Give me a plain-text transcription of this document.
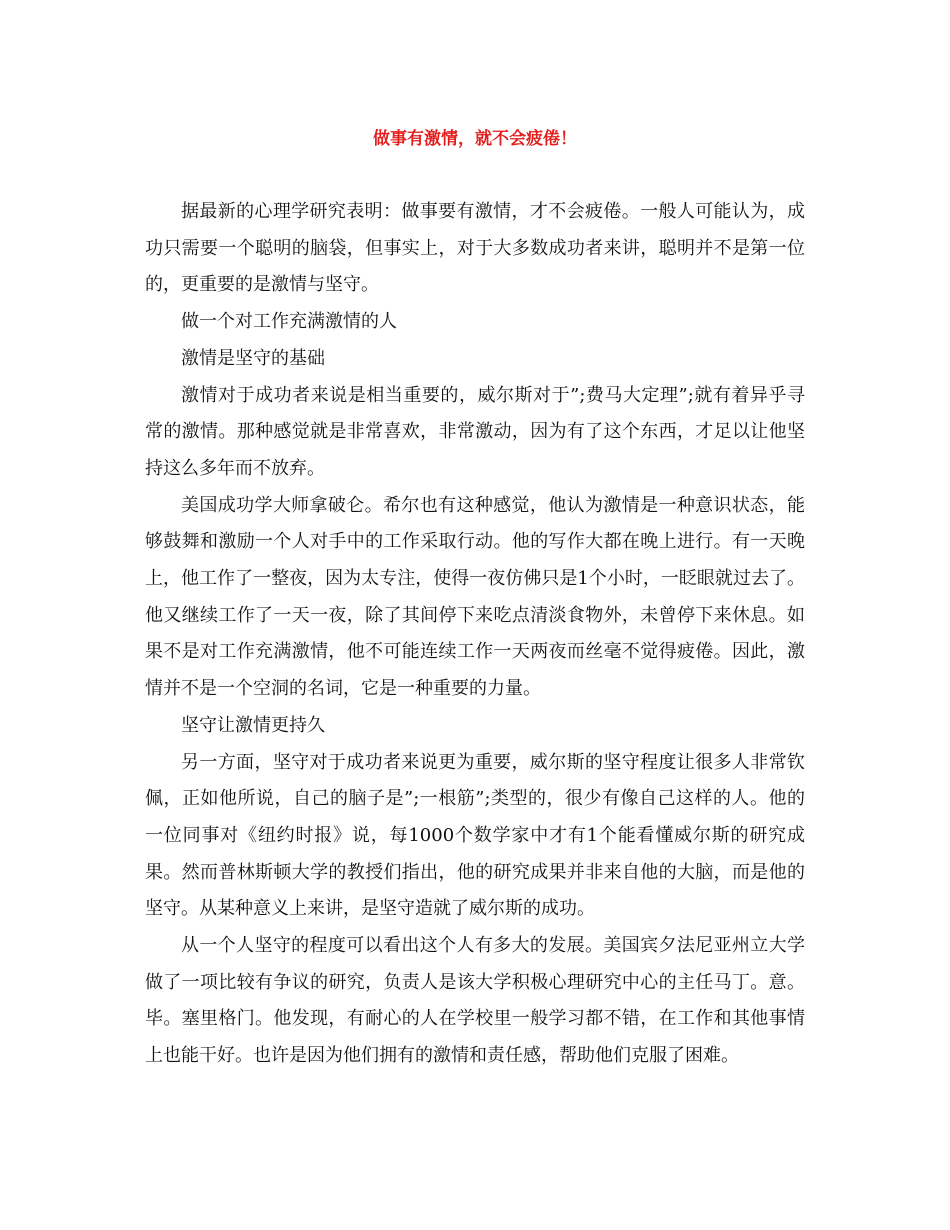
做事有激情，就不会疲倦！

据最新的心理学研究表明：做事要有激情，才不会疲倦。一般人可能认为，成功只需要一个聪明的脑袋，但事实上，对于大多数成功者来讲，聪明并不是第一位的，更重要的是激情与坚守。

做一个对工作充满激情的人

激情是坚守的基础

激情对于成功者来说是相当重要的，威尔斯对于”;费马大定理”;就有着异乎寻常的激情。那种感觉就是非常喜欢，非常激动，因为有了这个东西，才足以让他坚持这么多年而不放弃。

美国成功学大师拿破仑。希尔也有这种感觉，他认为激情是一种意识状态，能够鼓舞和激励一个人对手中的工作采取行动。他的写作大都在晚上进行。有一天晚上，他工作了一整夜，因为太专注，使得一夜仿佛只是1个小时，一眨眼就过去了。他又继续工作了一天一夜，除了其间停下来吃点清淡食物外，未曾停下来休息。如果不是对工作充满激情，他不可能连续工作一天两夜而丝毫不觉得疲倦。因此，激情并不是一个空洞的名词，它是一种重要的力量。

坚守让激情更持久

另一方面，坚守对于成功者来说更为重要，威尔斯的坚守程度让很多人非常钦佩，正如他所说，自己的脑子是”;一根筋”;类型的，很少有像自己这样的人。他的一位同事对《纽约时报》说，每1000个数学家中才有1个能看懂威尔斯的研究成果。然而普林斯顿大学的教授们指出，他的研究成果并非来自他的大脑，而是他的坚守。从某种意义上来讲，是坚守造就了威尔斯的成功。

从一个人坚守的程度可以看出这个人有多大的发展。美国宾夕法尼亚州立大学做了一项比较有争议的研究，负责人是该大学积极心理研究中心的主任马丁。意。毕。塞里格门。他发现，有耐心的人在学校里一般学习都不错，在工作和其他事情上也能干好。也许是因为他们拥有的激情和责任感，帮助他们克服了困难。
